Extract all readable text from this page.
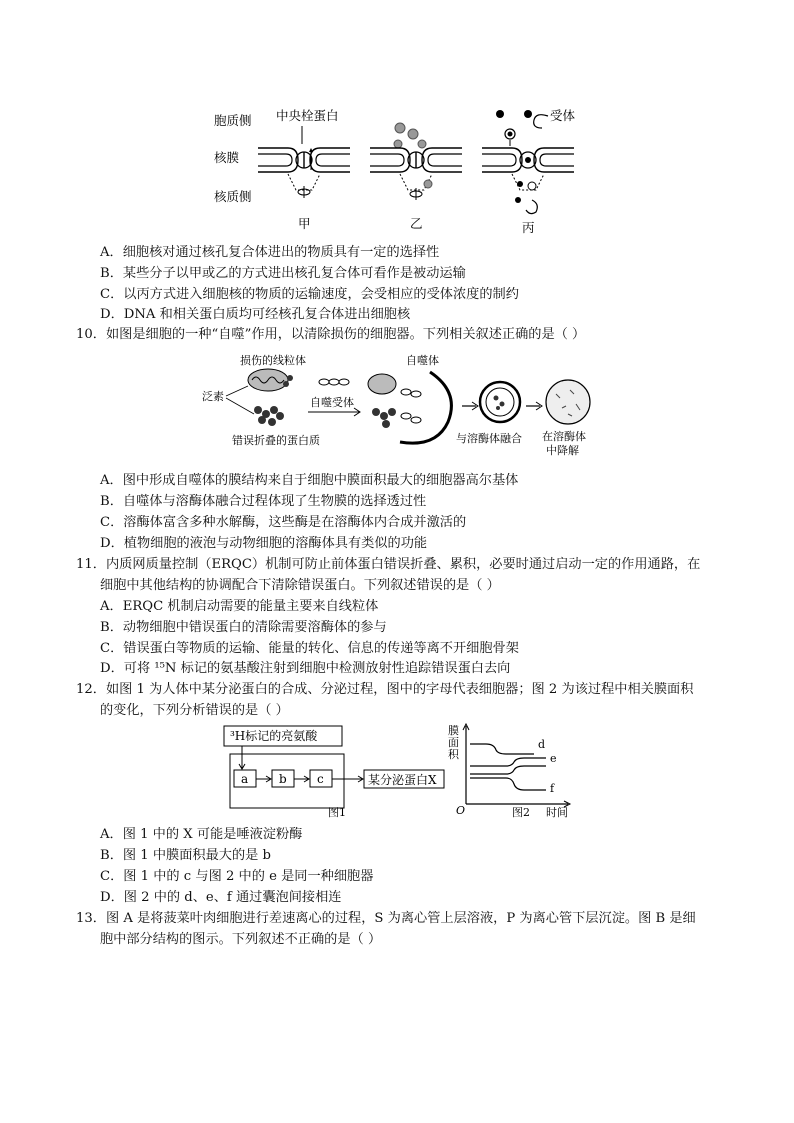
胞质侧
核膜
核质侧
中央栓蛋白	受体
甲	乙	丙
A．细胞核对通过核孔复合体进出的物质具有一定的选择性
B．某些分子以甲或乙的方式进出核孔复合体可看作是被动运输
C．以丙方式进入细胞核的物质的运输速度，会受相应的受体浓度的制约
D．DNA 和相关蛋白质均可经核孔复合体进出细胞核
10．如图是细胞的一种“自噬”作用，以清除损伤的细胞器。下列相关叙述正确的是（ ）
损伤的线粒体
泛素
错误折叠的蛋白质
自噬受体
自噬体
与溶酶体融合 在溶酶体
中降解
A．图中形成自噬体的膜结构来自于细胞中膜面积最大的细胞器高尔基体
B．自噬体与溶酶体融合过程体现了生物膜的选择透过性
C．溶酶体富含多种水解酶，这些酶是在溶酶体内合成并激活的
D．植物细胞的液泡与动物细胞的溶酶体具有类似的功能
11．内质网质量控制（ERQC）机制可防止前体蛋白错误折叠、累积，必要时通过启动一定的作用通路，在
细胞中其他结构的协调配合下清除错误蛋白。下列叙述错误的是（ ）
A．ERQC 机制启动需要的能量主要来自线粒体
B．动物细胞中错误蛋白的清除需要溶酶体的参与
C．错误蛋白等物质的运输、能量的转化、信息的传递等离不开细胞骨架
D．可将 ¹⁵N 标记的氨基酸注射到细胞中检测放射性追踪错误蛋白去向
12．如图 1 为人体中某分泌蛋白的合成、分泌过程，图中的字母代表细胞器；图 2 为该过程中相关膜面积
的变化，下列分析错误的是（ ）
³H标记的亮氨酸
a	b	c	某分泌蛋白X
图1
膜
面
积
O
d
e
f
图2 时间
A．图 1 中的 X 可能是唾液淀粉酶
B．图 1 中膜面积最大的是 b
C．图 1 中的 c 与图 2 中的 e 是同一种细胞器
D．图 2 中的 d、e、f 通过囊泡间接相连
13．图 A 是将菠菜叶肉细胞进行差速离心的过程，S 为离心管上层溶液，P 为离心管下层沉淀。图 B 是细
胞中部分结构的图示。下列叙述不正确的是（ ）
